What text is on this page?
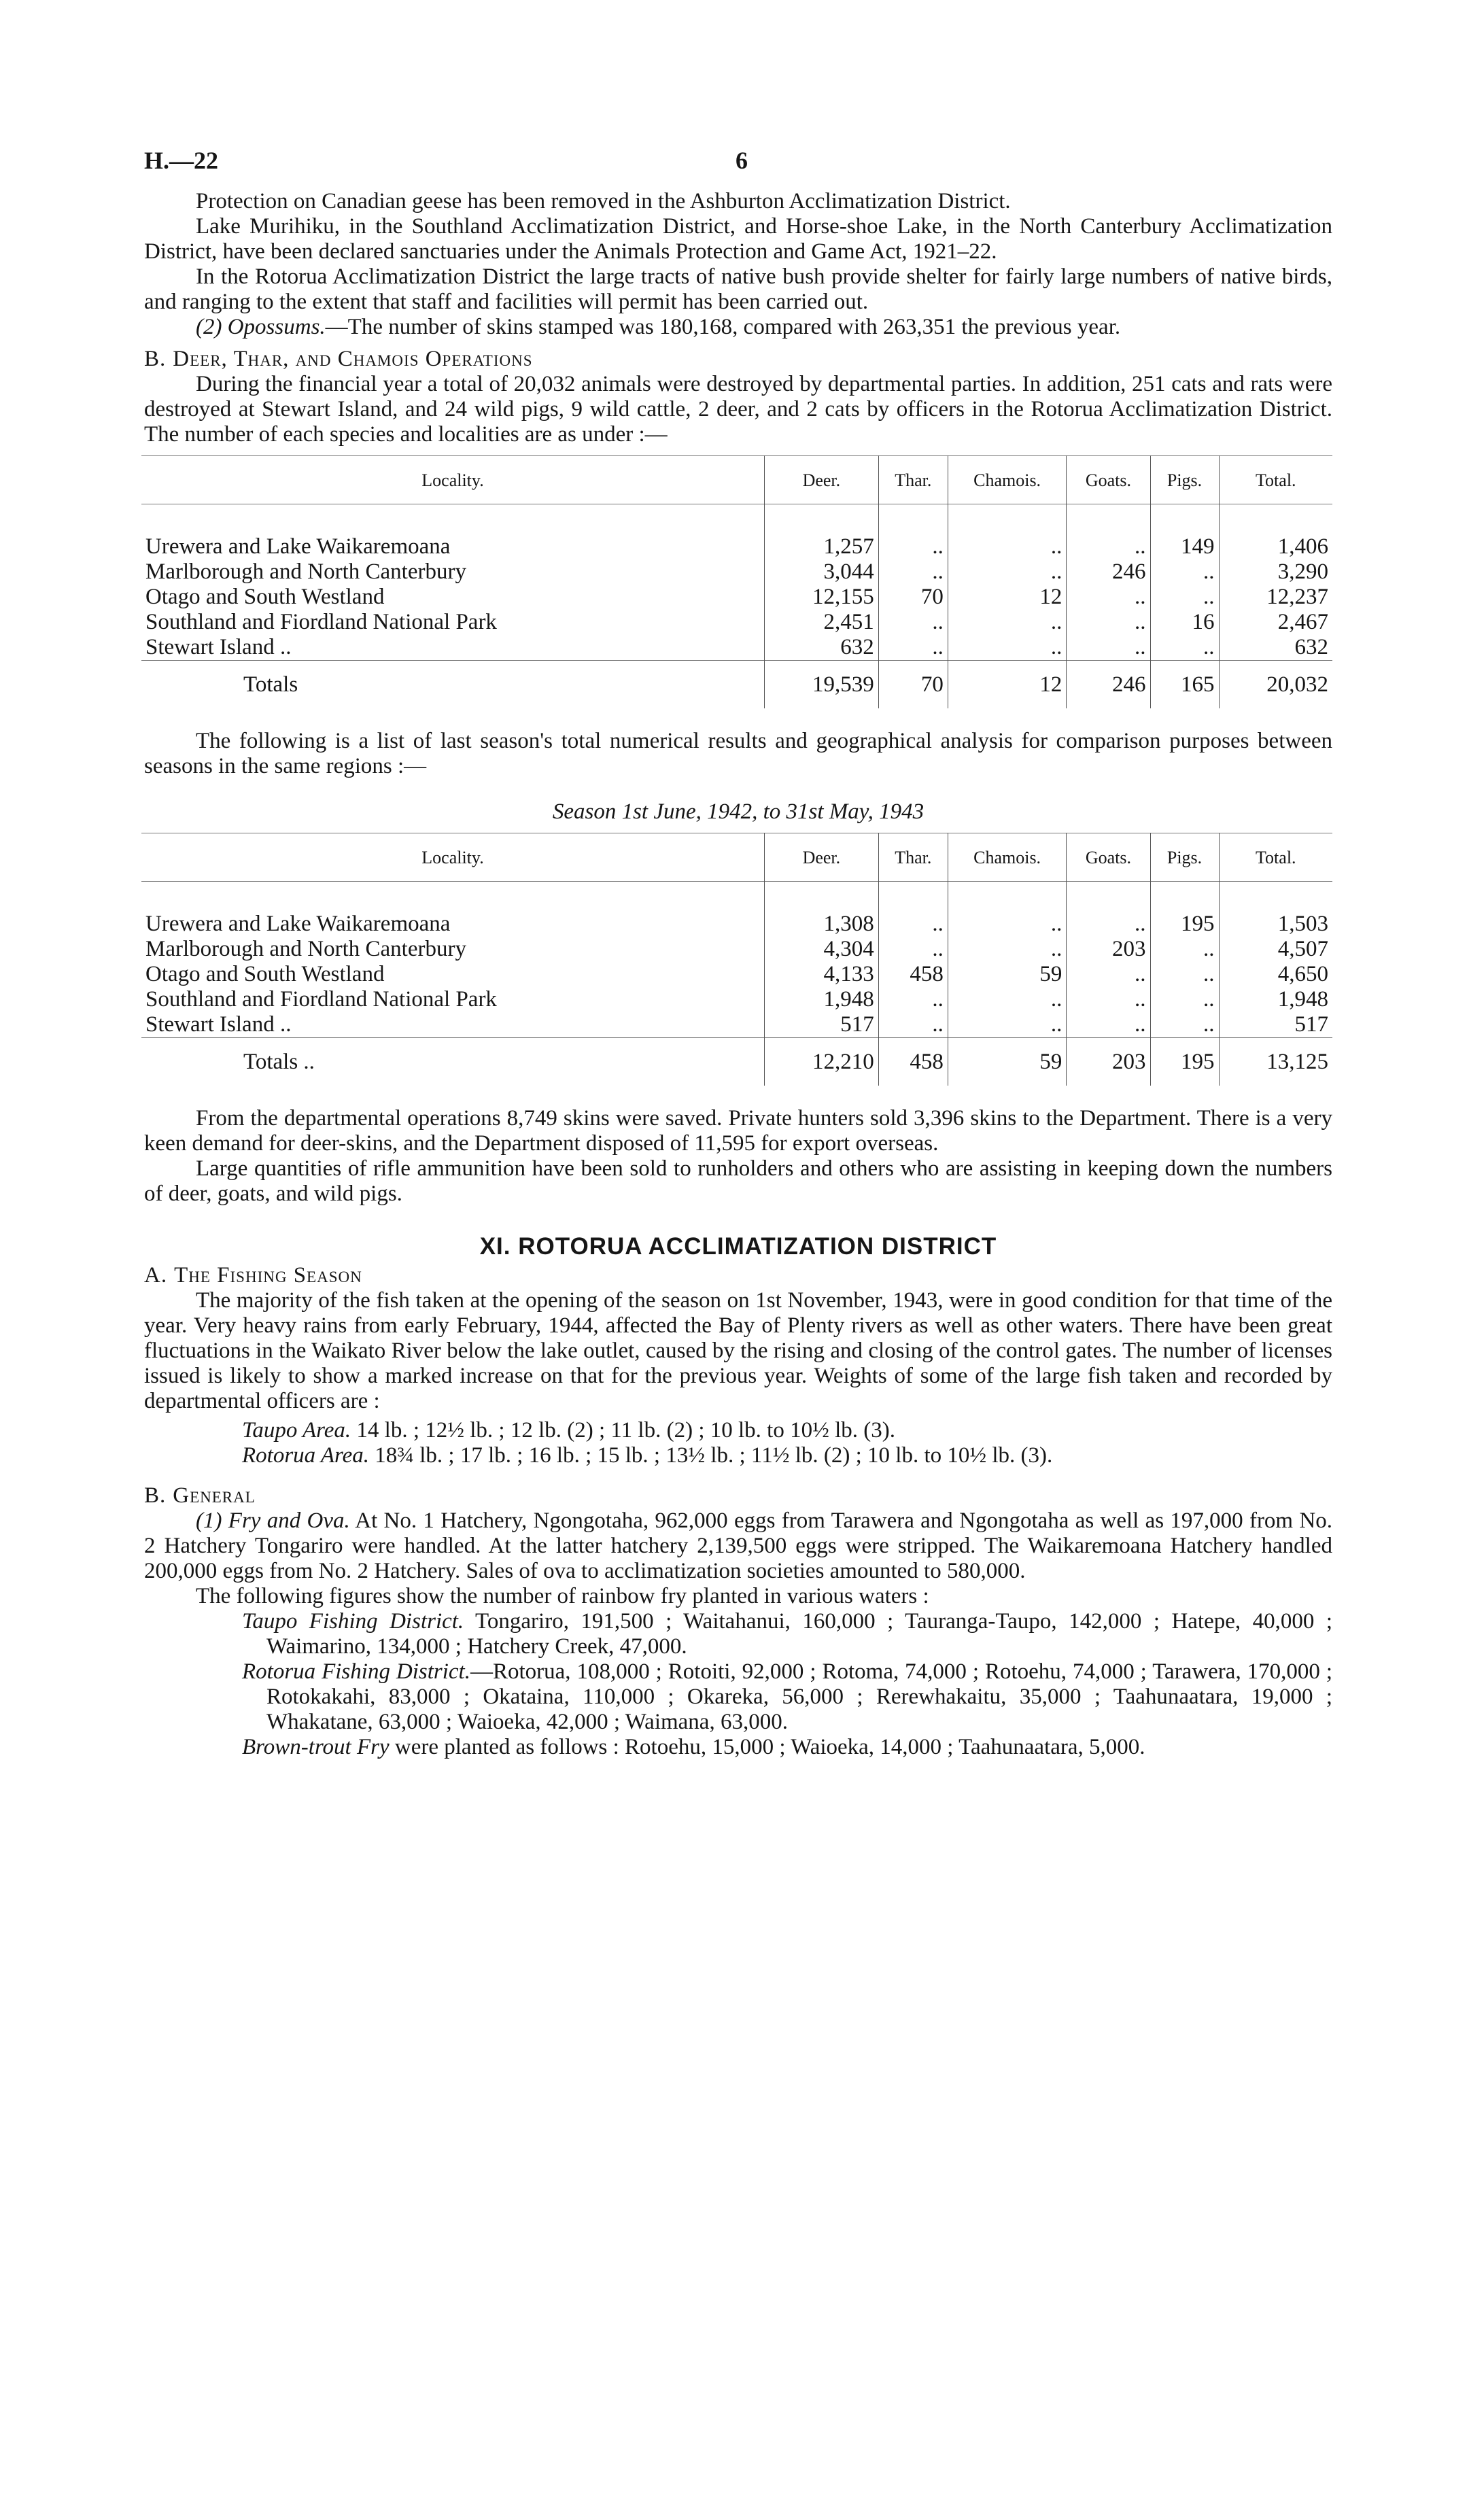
H.—22	6

Protection on Canadian geese has been removed in the Ashburton Acclimatization District.

Lake Murihiku, in the Southland Acclimatization District, and Horse-shoe Lake, in the North Canterbury Acclimatization District, have been declared sanctuaries under the Animals Protection and Game Act, 1921–22.

In the Rotorua Acclimatization District the large tracts of native bush provide shelter for fairly large numbers of native birds, and ranging to the extent that staff and facilities will permit has been carried out.

(2) Opossums.—The number of skins stamped was 180,168, compared with 263,351 the previous year.

B. Deer, Thar, and Chamois Operations

During the financial year a total of 20,032 animals were destroyed by departmental parties. In addition, 251 cats and rats were destroyed at Stewart Island, and 24 wild pigs, 9 wild cattle, 2 deer, and 2 cats by officers in the Rotorua Acclimatization District. The number of each species and localities are as under :—

Locality.	Deer.	Thar.	Chamois.	Goats.	Pigs.	Total.

Urewera and Lake Waikaremoana	1,257	..	..	..	149	1,406
Marlborough and North Canterbury	3,044	..	..	246	..	3,290
Otago and South Westland	12,155	70	12	..	..	12,237
Southland and Fiordland National Park	2,451	..	..	..	16	2,467
Stewart Island ..	632	..	..	..	..	632
Totals	19,539	70	12	246	165	20,032

The following is a list of last season's total numerical results and geographical analysis for comparison purposes between seasons in the same regions :—

Season 1st June, 1942, to 31st May, 1943

Locality.	Deer.	Thar.	Chamois.	Goats.	Pigs.	Total.

Urewera and Lake Waikaremoana	1,308	..	..	..	195	1,503
Marlborough and North Canterbury	4,304	..	..	203	..	4,507
Otago and South Westland	4,133	458	59	..	..	4,650
Southland and Fiordland National Park	1,948	..	..	..	..	1,948
Stewart Island ..	517	..	..	..	..	517
Totals ..	12,210	458	59	203	195	13,125

From the departmental operations 8,749 skins were saved. Private hunters sold 3,396 skins to the Department. There is a very keen demand for deer-skins, and the Department disposed of 11,595 for export overseas.

Large quantities of rifle ammunition have been sold to runholders and others who are assisting in keeping down the numbers of deer, goats, and wild pigs.

XI. ROTORUA ACCLIMATIZATION DISTRICT

A. The Fishing Season

The majority of the fish taken at the opening of the season on 1st November, 1943, were in good condition for that time of the year. Very heavy rains from early February, 1944, affected the Bay of Plenty rivers as well as other waters. There have been great fluctuations in the Waikato River below the lake outlet, caused by the rising and closing of the control gates. The number of licenses issued is likely to show a marked increase on that for the previous year. Weights of some of the large fish taken and recorded by departmental officers are :

Taupo Area. 14 lb. ; 12½ lb. ; 12 lb. (2) ; 11 lb. (2) ; 10 lb. to 10½ lb. (3).

Rotorua Area. 18¾ lb. ; 17 lb. ; 16 lb. ; 15 lb. ; 13½ lb. ; 11½ lb. (2) ; 10 lb. to 10½ lb. (3).

B. General

(1) Fry and Ova. At No. 1 Hatchery, Ngongotaha, 962,000 eggs from Tarawera and Ngongotaha as well as 197,000 from No. 2 Hatchery Tongariro were handled. At the latter hatchery 2,139,500 eggs were stripped. The Waikaremoana Hatchery handled 200,000 eggs from No. 2 Hatchery. Sales of ova to acclimatization societies amounted to 580,000.

The following figures show the number of rainbow fry planted in various waters :

Taupo Fishing District. Tongariro, 191,500 ; Waitahanui, 160,000 ; Tauranga-Taupo, 142,000 ; Hatepe, 40,000 ; Waimarino, 134,000 ; Hatchery Creek, 47,000.

Rotorua Fishing District.—Rotorua, 108,000 ; Rotoiti, 92,000 ; Rotoma, 74,000 ; Rotoehu, 74,000 ; Tarawera, 170,000 ; Rotokakahi, 83,000 ; Okataina, 110,000 ; Okareka, 56,000 ; Rerewhakaitu, 35,000 ; Taahunaatara, 19,000 ; Whakatane, 63,000 ; Waioeka, 42,000 ; Waimana, 63,000.

Brown-trout Fry were planted as follows : Rotoehu, 15,000 ; Waioeka, 14,000 ; Taahunaatara, 5,000.
